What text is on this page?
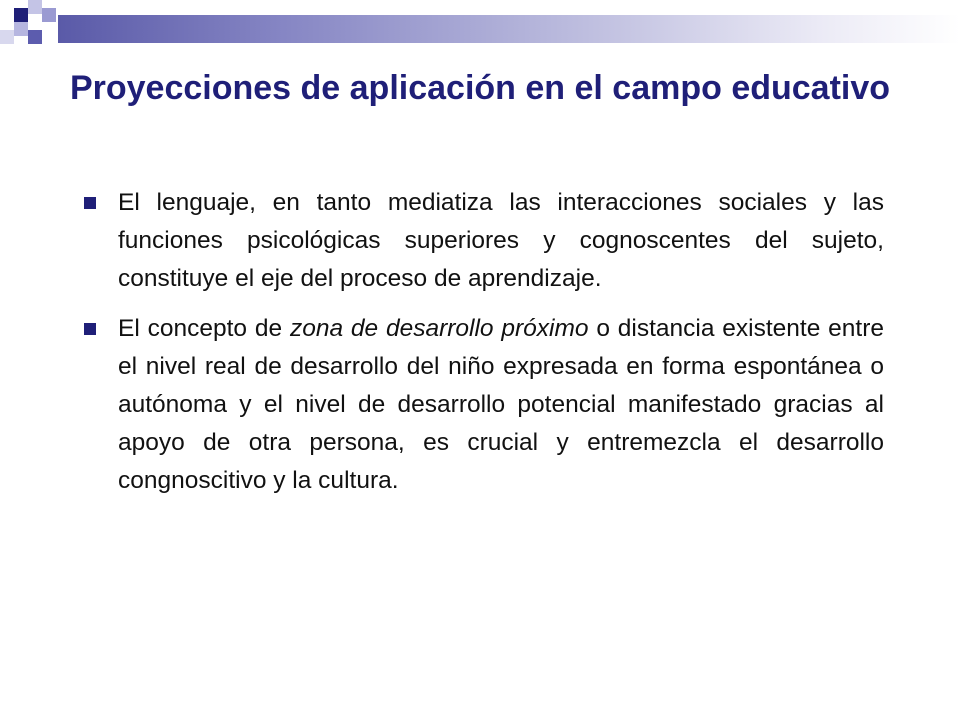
Proyecciones de aplicación en el campo educativo
El lenguaje, en tanto mediatiza las interacciones sociales y las funciones psicológicas superiores y cognoscentes del sujeto, constituye el eje del proceso de aprendizaje.
El concepto de zona de desarrollo próximo o distancia existente entre el nivel real de desarrollo del niño expresada en forma espontánea o autónoma y el nivel de desarrollo potencial manifestado gracias al apoyo de otra persona, es crucial y entremezcla el desarrollo congnoscitivo y la cultura.
